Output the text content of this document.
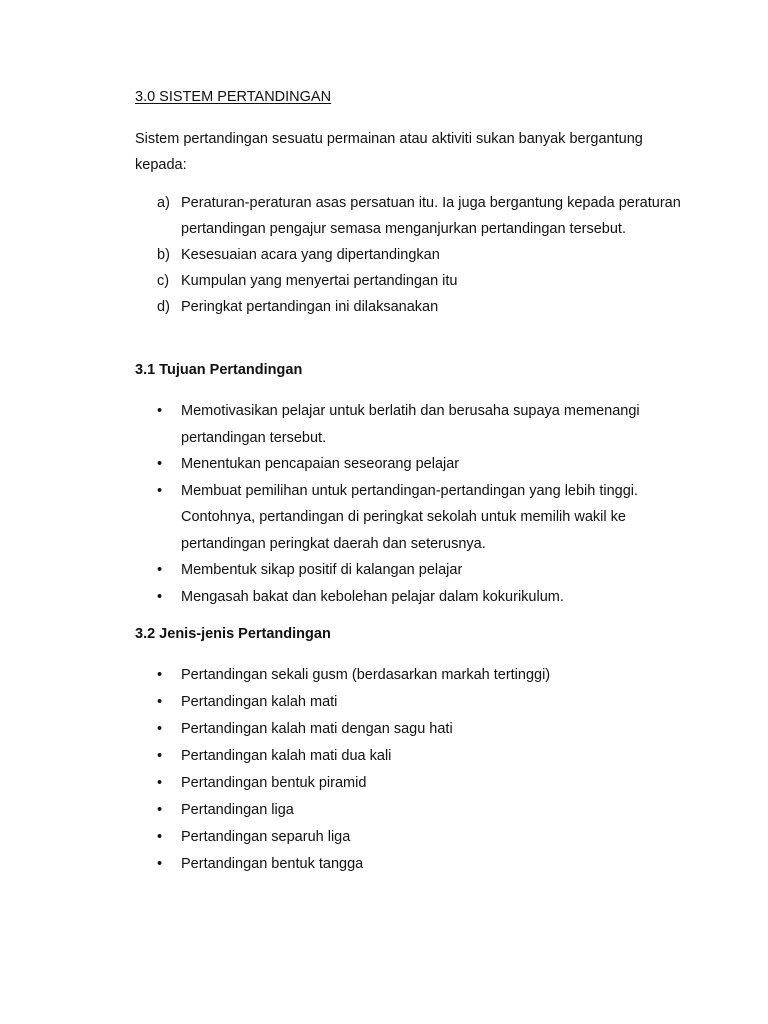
3.0 SISTEM PERTANDINGAN

Sistem pertandingan sesuatu permainan atau aktiviti sukan banyak bergantung kepada:

a) Peraturan-peraturan asas persatuan itu. Ia juga bergantung kepada peraturan pertandingan pengajur semasa menganjurkan pertandingan tersebut.
b) Kesesuaian acara yang dipertandingkan
c) Kumpulan yang menyertai pertandingan itu
d) Peringkat pertandingan ini dilaksanakan
3.1 Tujuan Pertandingan
• Memotivasikan pelajar untuk berlatih dan berusaha supaya memenangi pertandingan tersebut.
• Menentukan pencapaian seseorang pelajar
• Membuat pemilihan untuk pertandingan-pertandingan yang lebih tinggi. Contohnya, pertandingan di peringkat sekolah untuk memilih wakil ke pertandingan peringkat daerah dan seterusnya.
• Membentuk sikap positif di kalangan pelajar
• Mengasah bakat dan kebolehan pelajar dalam kokurikulum.
3.2 Jenis-jenis Pertandingan
• Pertandingan sekali gusm (berdasarkan markah tertinggi)
• Pertandingan kalah mati
• Pertandingan kalah mati dengan sagu hati
• Pertandingan kalah mati dua kali
• Pertandingan bentuk piramid
• Pertandingan liga
• Pertandingan separuh liga
• Pertandingan bentuk tangga
